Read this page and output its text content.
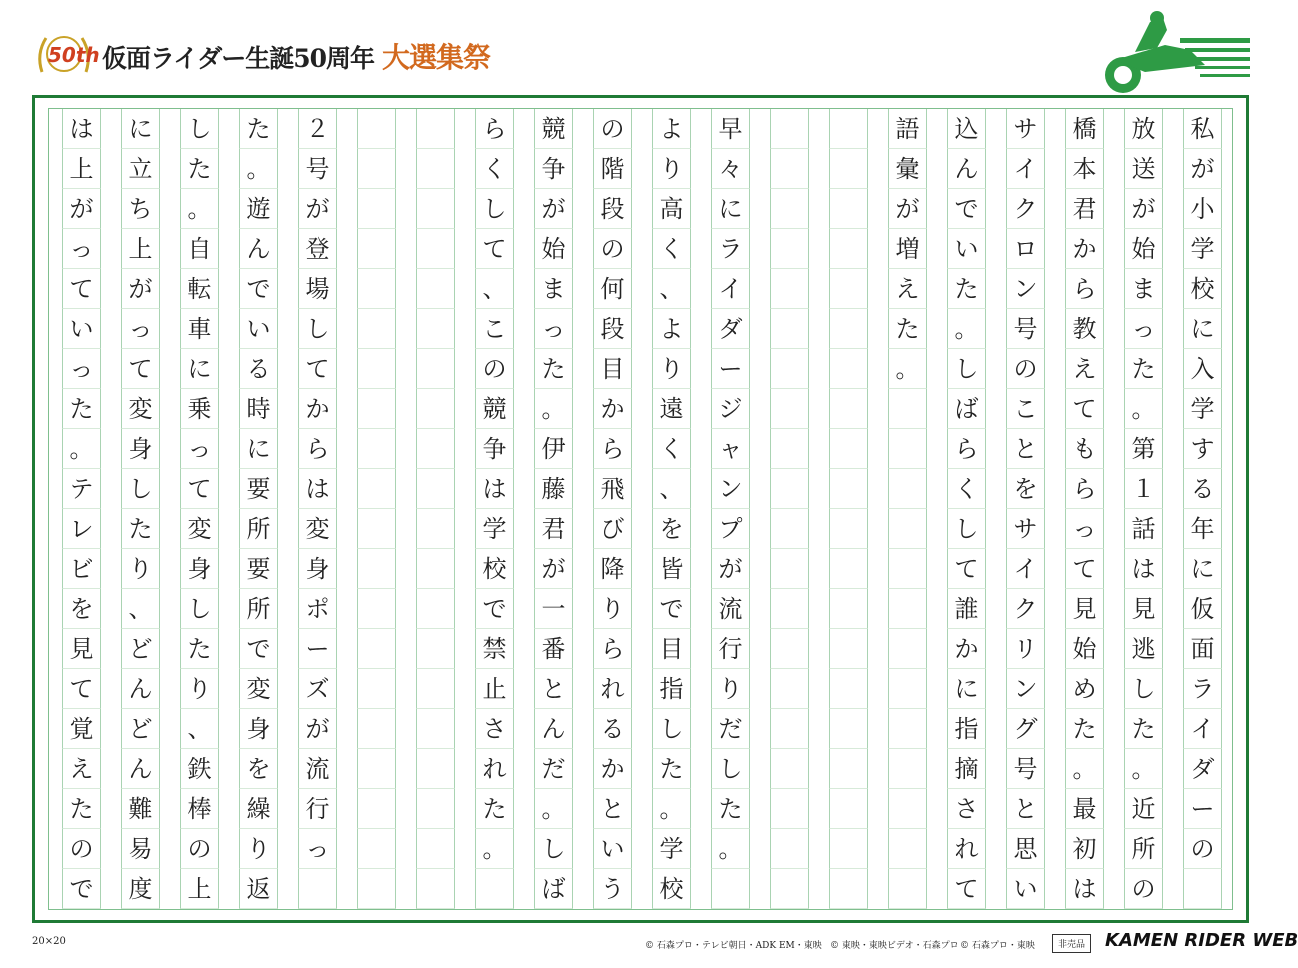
50th 仮面ライダー生誕50周年 大選集祭
私
が
小
学
校
に
入
学
す
る
年
に
仮
面
ラ
イ
ダ
ー
の
放
送
が
始
ま
っ
た
。
第
１
話
は
見
逃
し
た
。
近
所
の
橋
本
君
か
ら
教
え
て
も
ら
っ
て
見
始
め
た
。
最
初
は
サ
イ
ク
ロ
ン
号
の
こ
と
を
サ
イ
ク
リ
ン
グ
号
と
思
い
込
ん
で
い
た
。
し
ば
ら
く
し
て
誰
か
に
指
摘
さ
れ
て
語
彙
が
増
え
た
。
早
々
に
ラ
イ
ダ
ー
ジ
ャ
ン
プ
が
流
行
り
だ
し
た
。
よ
り
高
く
、
よ
り
遠
く
、
を
皆
で
目
指
し
た
。
学
校
の
階
段
の
何
段
目
か
ら
飛
び
降
り
ら
れ
る
か
と
い
う
競
争
が
始
ま
っ
た
。
伊
藤
君
が
一
番
と
ん
だ
。
し
ば
ら
く
し
て
、
こ
の
競
争
は
学
校
で
禁
止
さ
れ
た
。
２
号
が
登
場
し
て
か
ら
は
変
身
ポ
ー
ズ
が
流
行
っ
た
。
遊
ん
で
い
る
時
に
要
所
要
所
で
変
身
を
繰
り
返
し
た
。
自
転
車
に
乗
っ
て
変
身
し
た
り
、
鉄
棒
の
上
に
立
ち
上
が
っ
て
変
身
し
た
り
、
ど
ん
ど
ん
難
易
度
は
上
が
っ
て
い
っ
た
。
テ
レ
ビ
を
見
て
覚
え
た
の
で
20×20	© 石森プロ・テレビ朝日・ADK EM・東映 © 東映・東映ビデオ・石森プロ © 石森プロ・東映	非売品	KAMEN RIDER WEB
